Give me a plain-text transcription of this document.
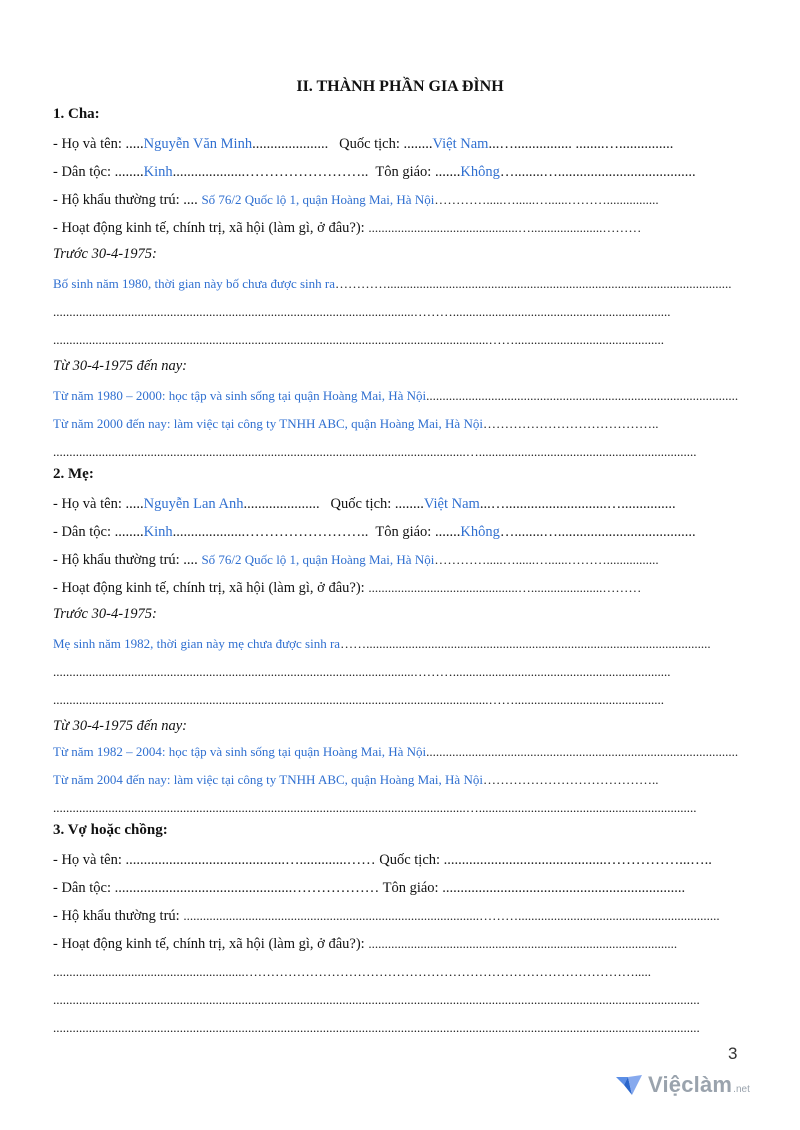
II. THÀNH PHẦN GIA ĐÌNH
1. Cha:
- Họ và tên: .....Nguyễn Văn Minh.....................   Quốc tịch: ........Việt Nam...…................ ........…...............
- Dân tộc: ........Kinh....................……………………..  Tôn giáo: .......Không…........…......................................
- Hộ khẩu thường trú: .... Số 76/2 Quốc lộ 1, quận Hoàng Mai, Hà Nội………….....…......…......………................
- Hoạt động kinh tế, chính trị, xã hội (làm gì, ở đâu?): ..............................................…......................………
Trước 30-4-1975:
Bố sinh năm 1980, thời gian này bố chưa được sinh ra…………..........................................................................................................
...............................................................................................................………...................................................................
......................................................................................................................................……..............................................
Từ 30-4-1975 đến nay:
Từ năm 1980 – 2000: học tập và sinh sống tại quận Hoàng Mai, Hà Nội................................................................................................
Từ năm 2000 đến nay: làm việc tại công ty TNHH ABC, quận Hoàng Mai, Hà Nội…………………………………..
...............................................................................................................................…...................................................................
2. Mẹ:
- Họ và tên: .....Nguyễn Lan Anh.....................   Quốc tịch: ........Việt Nam...…............................…...............
- Dân tộc: ........Kinh....................……………………..  Tôn giáo: .......Không…........…......................................
- Hộ khẩu thường trú: .... Số 76/2 Quốc lộ 1, quận Hoàng Mai, Hà Nội………….....…......…......………................
- Hoạt động kinh tế, chính trị, xã hội (làm gì, ở đâu?): ..............................................…......................………
Trước 30-4-1975:
Mẹ sinh năm 1982, thời gian này mẹ chưa được sinh ra……..........................................................................................................
...............................................................................................................………...................................................................
......................................................................................................................................……..............................................
Từ 30-4-1975 đến nay:
Từ năm 1982 – 2004: học tập và sinh sống tại quận Hoàng Mai, Hà Nội................................................................................................
Từ năm 2004 đến nay: làm việc tại công ty TNHH ABC, quận Hoàng Mai, Hà Nội…………………………………..
...............................................................................................................................…...................................................................
3. Vợ hoặc chồng:
- Họ và tên: ............................................….............…… Quốc tịch: .............................................……………...…..
- Dân tộc: .................................................……………… Tôn giáo: ...................................................................
- Hộ khẩu thường trú: ...........................................................................................………..............................................................
- Hoạt động kinh tế, chính trị, xã hội (làm gì, ở đâu?): ...............................................................................................
...........................................................……………………………………………………………………………….....
.......................................................................................................................................................................................................
.......................................................................................................................................................................................................
3
Việclàm .net
